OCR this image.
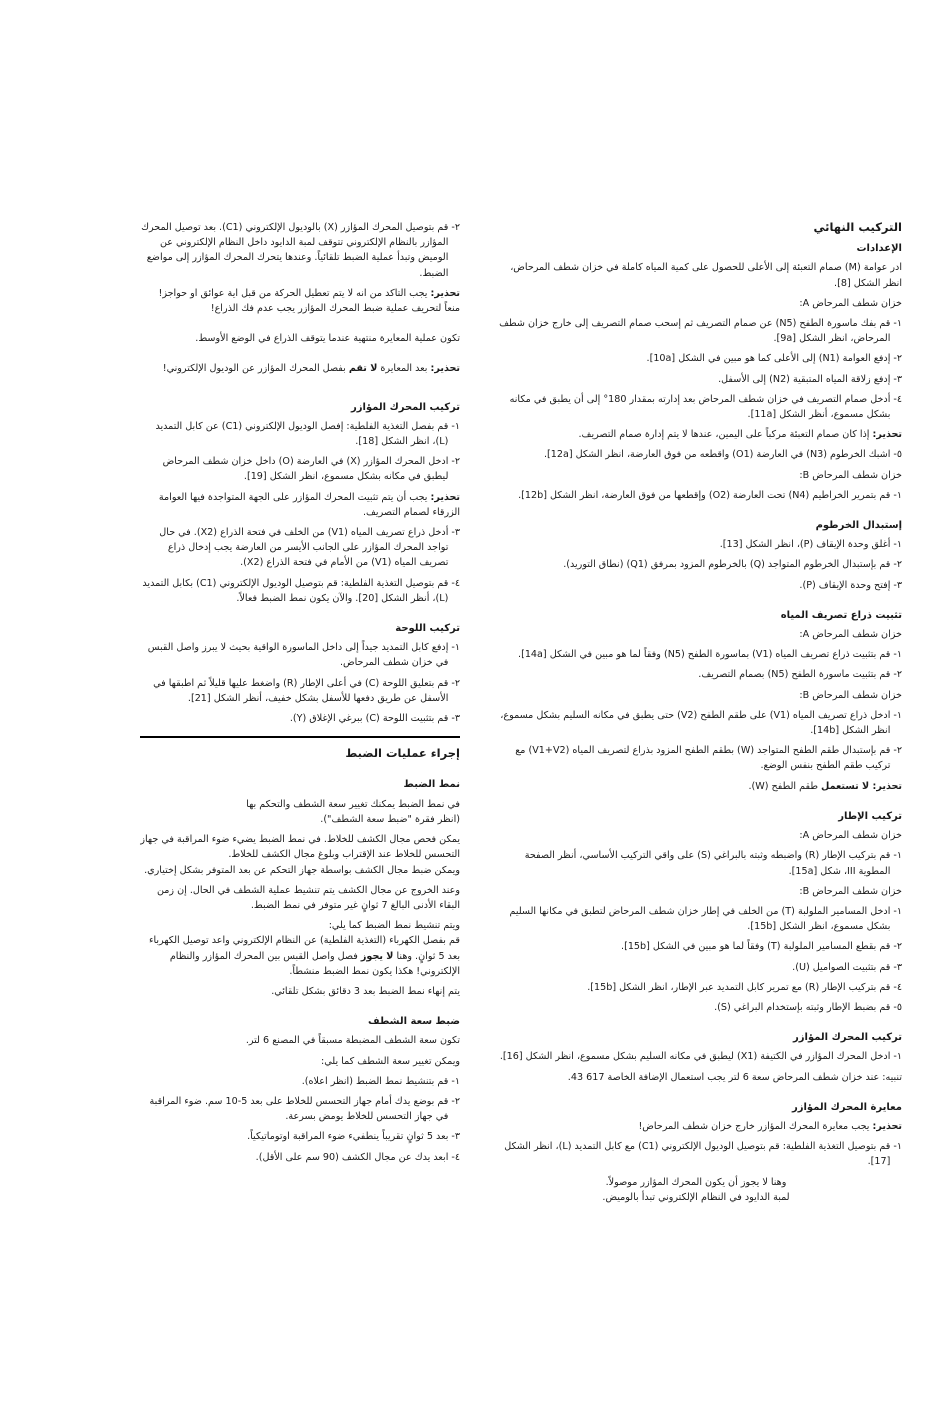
التركيب النهائي
الإعدادات

ادر عوامة (M) صمام التعبئة إلى الأعلى للحصول على كمية المياه كاملة في خزان شطف المرحاض، انظر الشكل [8].

خزان شطف المرحاض A:

١-
قم بفك ماسورة الطفح (N5) عن صمام التصريف ثم إسحب صمام التصريف إلى خارج خزان شطف المرحاض، انظر الشكل [9a].
٢-
إدفع العوامة (N1) إلى الأعلى كما هو مبين في الشكل [10a].
٣-
إدفع زلاقة المياه المتبقية (N2) إلى الأسفل.
٤-
أدخل صمام التصريف في خزان شطف المرحاض بعد إدارته بمقدار 180° إلى أن يطبق في مكانه بشكل مسموع، أنظر الشكل [11a].

تحذير: إذا كان صمام التعبئة مركباً على اليمين، عندها لا يتم إدارة صمام التصريف.

٥-
اشبك الخرطوم (N3) في العارضة (O1) واقطعه من فوق العارضة، انظر الشكل [12a].

خزان شطف المرحاض B:

١-
قم بتمرير الخراطيم (N4) تحت العارضة (O2) وإقطعها من فوق العارضة، انظر الشكل [12b].
إستبدال الخرطوم
١-
أغلق وحدة الإيقاف (P)، انظر الشكل [13].
٢-
قم بإستبدال الخرطوم المتواجد (Q) بالخرطوم المزود بمرفق (Q1) (نطاق التوريد).
٣-
إفتح وحدة الإيقاف (P).
تثبيت ذراع تصريف المياه

خزان شطف المرحاض A:

١-
قم بتثبيت ذراع تصريف المياه (V1) بماسورة الطفح (N5) وفقاً لما هو مبين في الشكل [14a].
٢-
قم بتثبيت ماسورة الطفح (N5) بصمام التصريف.

خزان شطف المرحاض B:

١-
ادخل ذراع تصريف المياه (V1) على طقم الطفح (V2) حتى يطبق في مكانه السليم بشكل مسموع، انظر الشكل [14b].
٢-
قم بإستبدال طقم الطفح المتواجد (W) بطقم الطفح المزود بذراع لتصريف المياه (V1+V2) مع تركيب طقم الطفح بنفس الوضع.

تحذير: لا تستعمل طقم الطفح (W).

تركيب الإطار

خزان شطف المرحاض A:

١-
قم بتركيب الإطار (R) واضبطه وثبته بالبراغي (S) على واقي التركيب الأساسي، أنظر الصفحة المطوية III، شكل [15a].

خزان شطف المرحاض B:

١-
ادخل المسامير الملولبة (T) من الخلف في إطار خزان شطف المرحاض لتطبق في مكانها السليم بشكل مسموع، انظر الشكل [15b].
٢-
قم بقطع المسامير الملولبة (T) وفقاً لما هو مبين في الشكل [15b].
٣-
قم بتثبيت الصواميل (U).
٤-
قم بتركيب الإطار (R) مع تمرير كابل التمديد عبر الإطار، انظر الشكل [15b].
٥-
قم بضبط الإطار وثبته بإستخدام البراغي (S).
تركيب المحرك المؤازر
١-
ادخل المحرك المؤازر في الكتيفة (X1) ليطبق في مكانه السليم بشكل مسموع، انظر الشكل [16].

تنبيه: عند خزان شطف المرحاض سعة 6 لتر يجب استعمال الإضافة الخاصة 617 43.

معايرة المحرك المؤازر

تحذير: يجب معايرة المحرك المؤازر خارج خزان شطف المرحاض!

١-
قم بتوصيل التغذية الفلطية: قم بتوصيل الوديول الإلكتروني (C1) مع كابل التمديد (L)، انظر الشكل [17].

وهنا لا يجوز أن يكون المحرك المؤازر موصولاً.

لمبة الدايود في النظام الإلكتروني تبدأ بالوميض.

٢-
قم بتوصيل المحرك المؤازر (X) بالوديول الإلكتروني (C1). بعد توصيل المحرك المؤازر بالنظام الإلكتروني تتوقف لمبة الدايود داخل النظام الإلكتروني عن الوميض وتبدأ عملية الضبط تلقائياً. وعندها يتحرك المحرك المؤازر إلى مواضع الضبط.

تحذير: يجب التاكد من انه لا يتم تعطيل الحركة من قبل اية عوائق او حواجز! منعاً لتحريف عملية ضبط المحرك المؤازر يجب عدم فك الذراع!

تكون عملية المعايرة منتهية عندما يتوقف الذراع في الوضع الأوسط.

تحذير: بعد المعايرة لا تقم بفصل المحرك المؤازر عن الوديول الإلكتروني!

تركيب المحرك المؤازر
١-
قم بفصل التغذية الفلطية: إفصل الوديول الإلكتروني (C1) عن كابل التمديد (L)، انظر الشكل [18].
٢-
ادخل المحرك المؤازر (X) في العارضة (O) داخل خزان شطف المرحاض ليطبق في مكانه بشكل مسموع، انظر الشكل [19].

تحذير: يجب أن يتم تثبيت المحرك المؤازر على الجهة المتواجدة فيها العوامة الزرقاء لصمام التصريف.

٣-
أدخل ذراع تصريف المياه (V1) من الخلف في فتحة الذراع (X2). في حال تواجد المحرك المؤازر على الجانب الأيسر من العارضة يجب إدخال ذراع تصريف المياه (V1) من الأمام في فتحة الذراع (X2).
٤-
قم بتوصيل التغذية الفلطية: قم بتوصيل الوديول الإلكتروني (C1) بكابل التمديد (L)، أنظر الشكل [20]. والآن يكون نمط الضبط فعالاً.
تركيب اللوحة
١-
إدفع كابل التمديد جيداً إلى داخل الماسورة الواقية بحيث لا يبرز واصل القبس في خزان شطف المرحاض.
٢-
قم بتعليق اللوحة (C) في أعلى الإطار (R) واضغط عليها قليلاً ثم اطبقها في الأسفل عن طريق دفعها للأسفل بشكل خفيف، أنظر الشكل [21].
٣-
قم بتثبيت اللوحة (C) ببرغي الإغلاق (Y).
إجراء عمليات الضبط
نمط الضبط

في نمط الضبط يمكنك تغيير سعة الشطف والتحكم بها

(انظر فقرة "ضبط سعة الشطف").

يمكن فحص مجال الكشف للخلاط. في نمط الضبط يضيء ضوء المراقبة في جهاز التحسس للخلاط عند الإقتراب وبلوغ مجال الكشف للخلاط.

ويمكن ضبط مجال الكشف بواسطة جهاز التحكم عن بعد المتوفر بشكل إختياري.

وعند الخروج عن مجال الكشف يتم تنشيط عملية الشطف في الحال. إن زمن البقاء الأدنى البالغ 7 ثوانٍ غير متوفر في نمط الضبط.

ويتم تنشيط نمط الضبط كما يلي:

قم بفصل الكهرباء (التغذية الفلطية) عن النظام الإلكتروني واعد توصيل الكهرباء بعد 5 ثوانٍ. وهنا لا يجوز فصل واصل القبس بين المحرك المؤازر والنظام الإلكتروني! هكذا يكون نمط الضبط منشطاً.

يتم إنهاء نمط الضبط بعد 3 دقائق بشكل تلقائي.

ضبط سعة الشطف

تكون سعة الشطف المضبطة مسبقاً في المصنع 6 لتر.

ويمكن تغيير سعة الشطف كما يلي:

١-
قم بتنشيط نمط الضبط (انظر اعلاه).
٢-
قم بوضع يدك أمام جهاز التحسس للخلاط على بعد 5-10 سم. ضوء المراقبة في جهاز التحسس للخلاط يومض بسرعة.
٣-
بعد 5 ثوانٍ تقريباً ينطفيء ضوء المراقبة اوتوماتيكياً.
٤-
ابعد يدك عن مجال الكشف (90 سم على الأقل).
